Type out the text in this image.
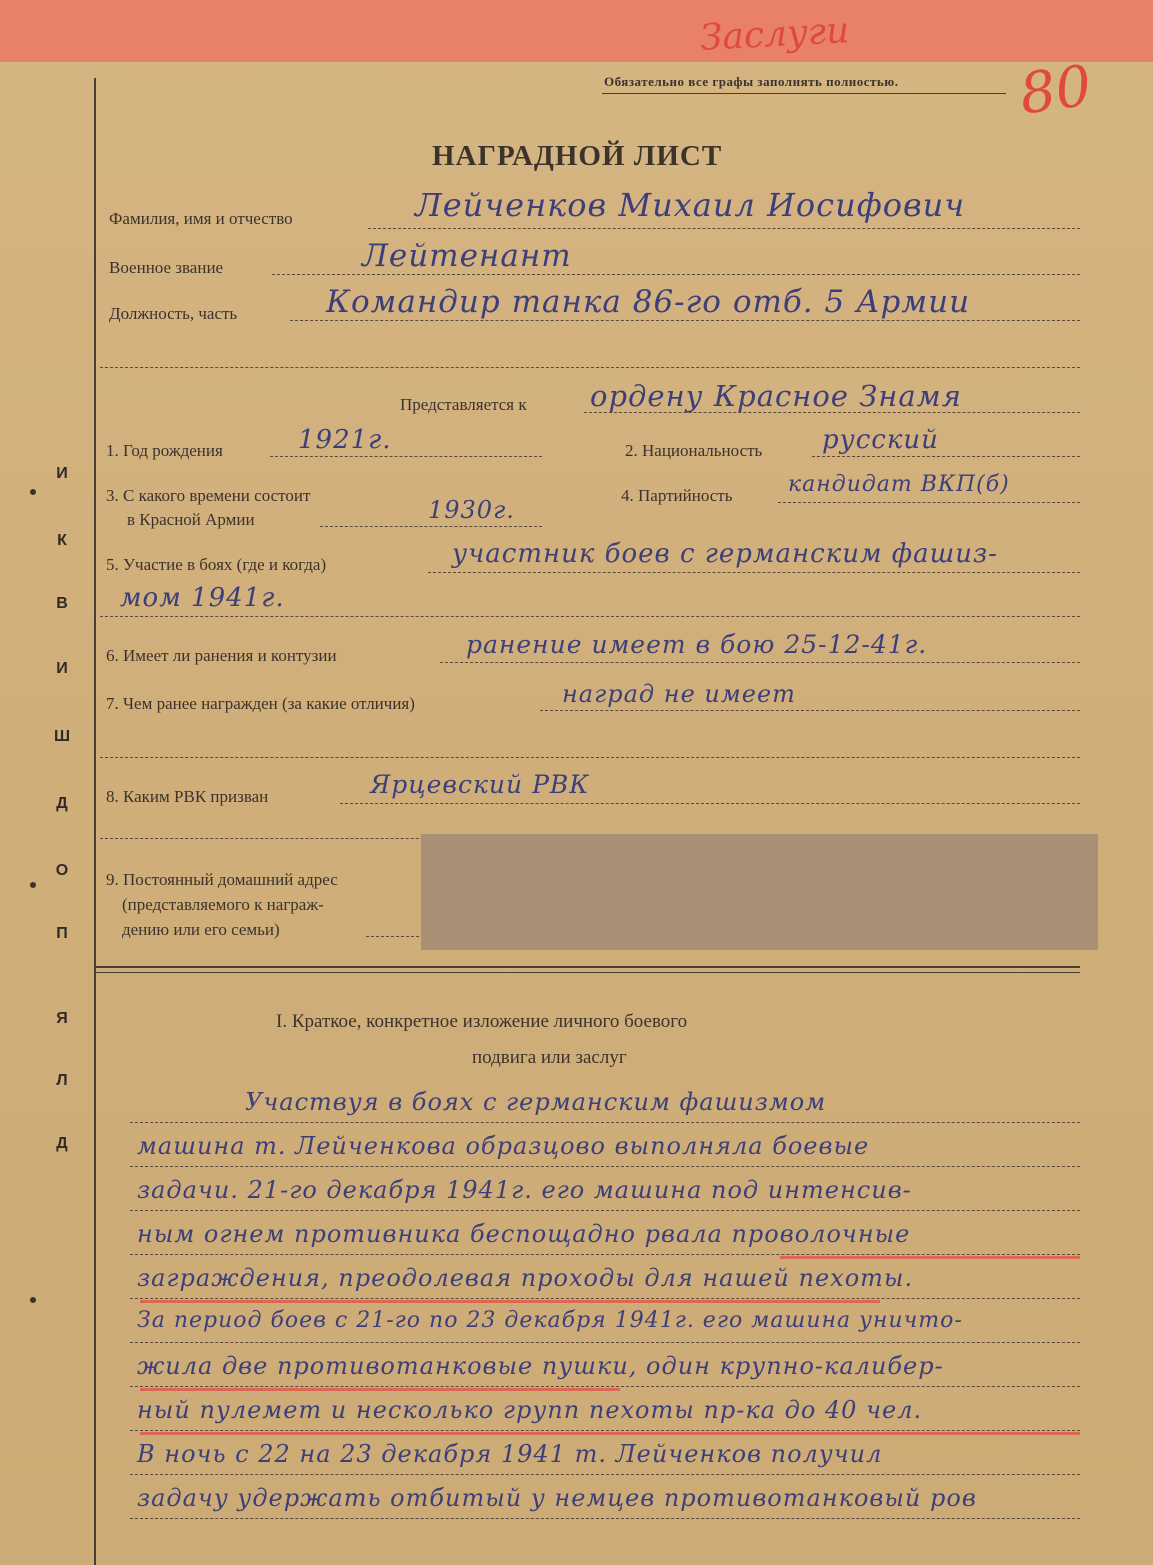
Заслуги
80
Обязательно все графы заполнять полностью.
Д
Л
Я
П
О
Д
Ш
И
В
К
И
НАГРАДНОЙ ЛИСТ
Фамилия, имя и отчество	Лейченков Михаил Иосифович
Военное звание	Лейтенант
Должность, часть	Командир танка 86-го отб. 5 Армии
Представляется к ордену Красное Знамя
1. Год рождения	1921г.	2. Национальность русский
3. С какого времени состоит
в Красной Армии	1930г.
4. Партийность	кандидат ВКП(б)
5. Участие в боях (где и когда)	участник боев с германским фашиз-
мом 1941г.
6. Имеет ли ранения и контузии	ранение имеет в бою 25-12-41г.
7. Чем ранее награжден (за какие отличия)	наград не имеет
8. Каким РВК призван	Ярцевский РВК
9. Постоянный домашний адрес
(представляемого к награж-
дению или его семьи)
I. Краткое, конкретное изложение личного боевого
подвига или заслуг
Участвуя в боях с германским фашизмом
машина т. Лейченкова образцово выполняла боевые
задачи. 21-го декабря 1941г. его машина под интенсив-
ным огнем противника беспощадно рвала проволочные
заграждения, преодолевая проходы для нашей пехоты.
За период боев с 21-го по 23 декабря 1941г. его машина уничто-
жила две противотанковые пушки, один крупно-калибер-
ный пулемет и несколько групп пехоты пр-ка до 40 чел.
В ночь с 22 на 23 декабря 1941 т. Лейченков получил
задачу удержать отбитый у немцев противотанковый ров
